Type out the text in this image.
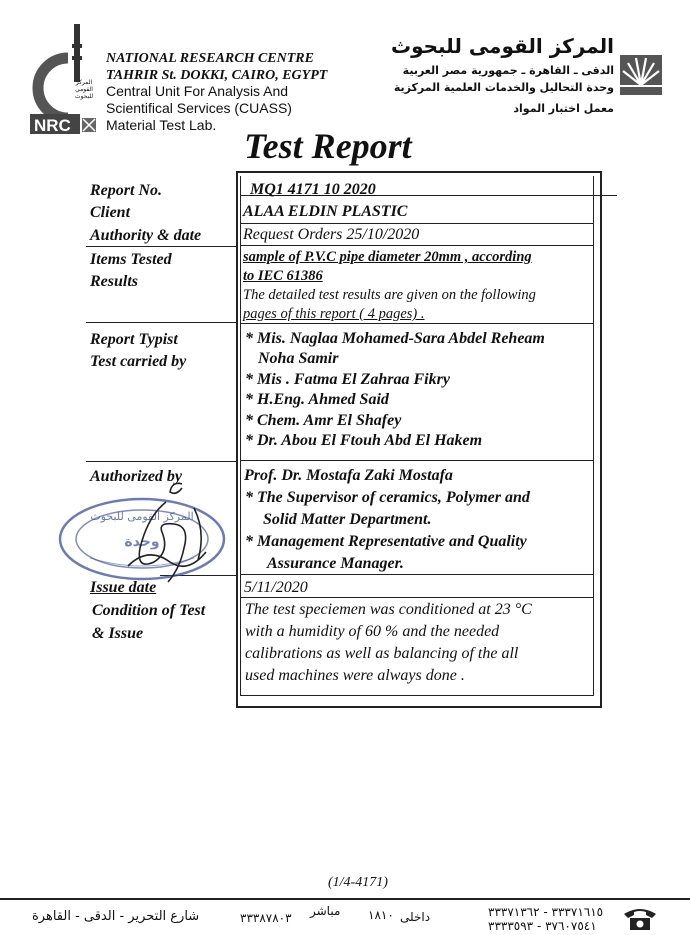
NRC
المركز القومي للبحوث
NATIONAL RESEARCH CENTRE
TAHRIR St. DOKKI, CAIRO, EGYPT
Central Unit For Analysis And
Scientifical Services (CUASS)
Material Test Lab.
المركز القومى للبحوث
الدقى ـ القاهرة ـ جمهورية مصر العربية
وحدة التحاليل والخدمات العلمية المركزية
معمل اختبار المواد
Test Report
Report No.
Client
Authority & date
Items Tested
Results
Report Typist
Test carried by
Authorized by
Issue date
Condition of Test
& Issue
MQ1 4171 10 2020
ALAA ELDIN PLASTIC
Request Orders 25/10/2020
sample of P.V.C pipe diameter 20mm , according
to IEC 61386
The detailed test results are given on the following
pages of this report ( 4 pages) .
* Mis. Naglaa Mohamed-Sara Abdel Reheam
Noha Samir
* Mis . Fatma El Zahraa Fikry
* H.Eng. Ahmed Said
* Chem. Amr El Shafey
* Dr. Abou El Ftouh Abd El Hakem
Prof. Dr. Mostafa Zaki Mostafa
* The Supervisor of ceramics, Polymer and
Solid Matter Department.
* Management Representative and Quality
Assurance Manager.
5/11/2020
The test speciemen was conditioned at 23 °C
with a humidity of 60 % and the needed
calibrations as well as balancing of the all
used machines were always done .
المركز القومى للبحوث
وحدة
(1/4-4171)
شارع التحرير - الدقى - القاهرة	٣٣٣٨٧٨٠٣ مباشر ١٨١٠ داخلى	٣٣٣٧١٦١٥ - ٣٣٣٧١٣٦٢
٣٧٦٠٧٥٤١ - ٣٣٣٣٥٩٣
